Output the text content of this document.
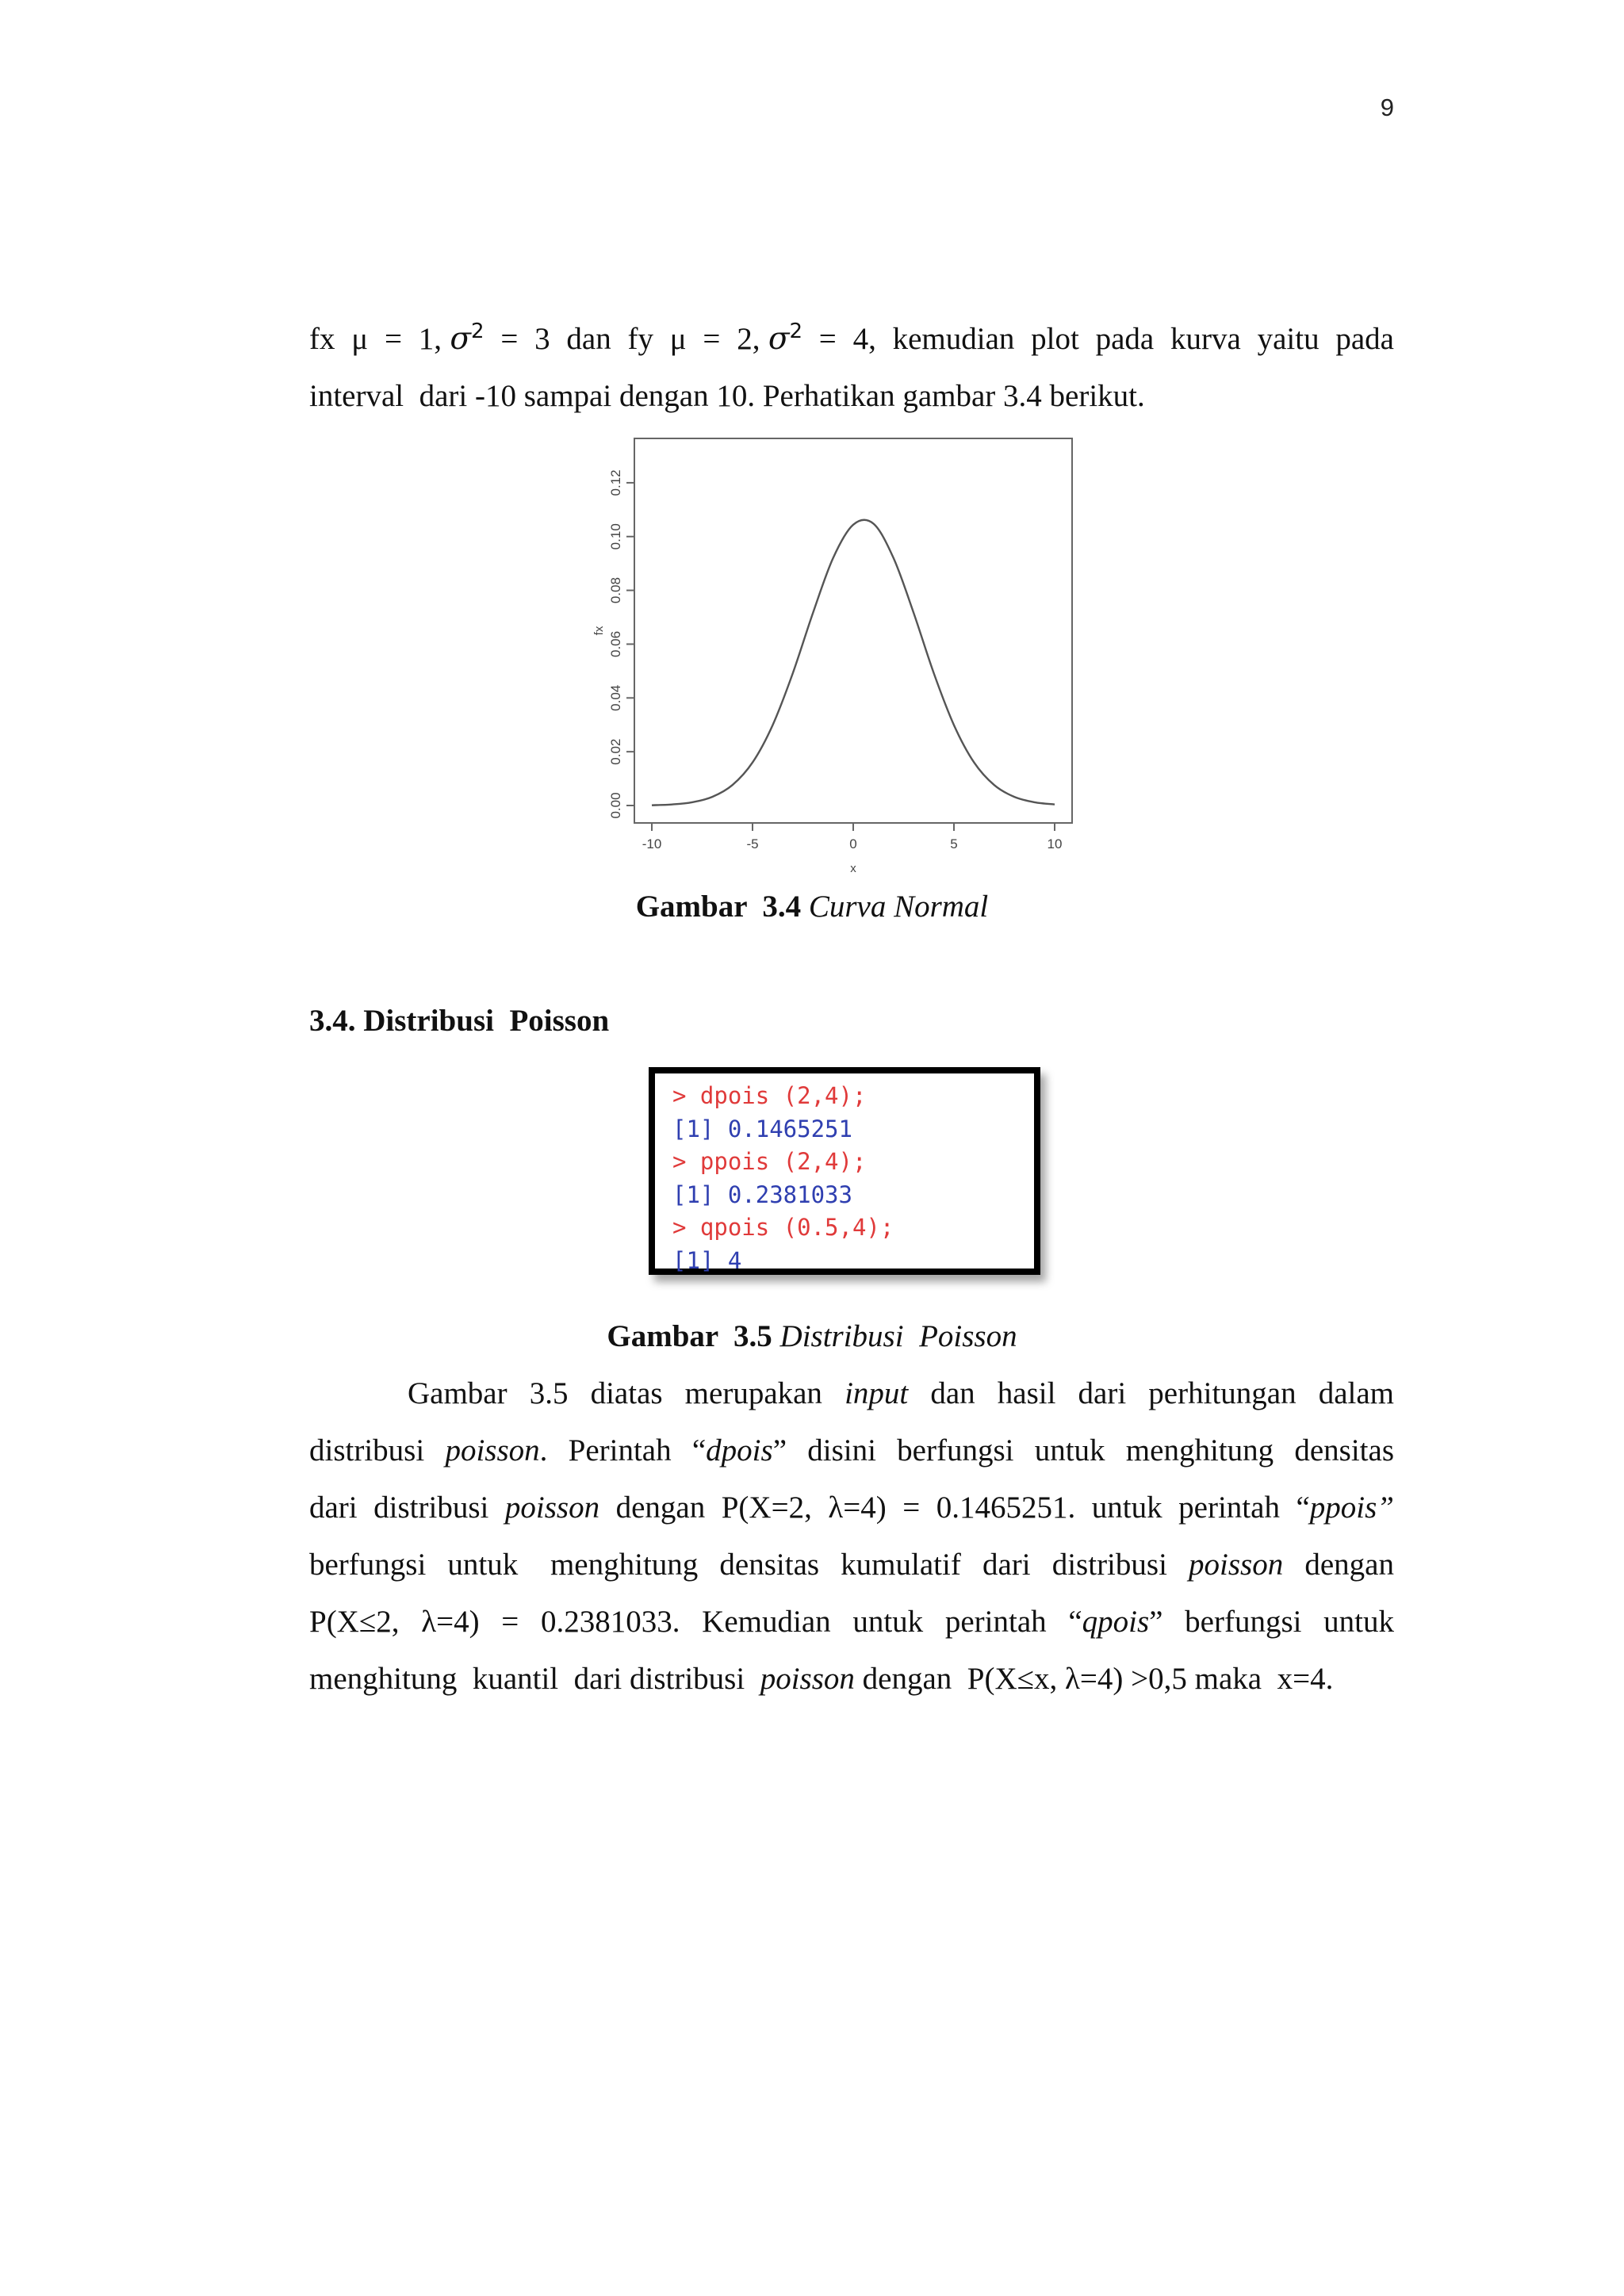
9
fx  μ  =  1, $\sigma^2 = 3$  dan  fy  μ  =  2, $\sigma^2 = 4$,  kemudian  plot  pada  kurva  yaitu  pada
interval  dari -10 sampai dengan 10. Perhatikan gambar 3.4 berikut.
-10	-5	0	5	10
0.00
0.02
0.04
0.06
0.08
0.10
0.12
x
fx
Gambar  3.4 Curva Normal
3.4. Distribusi  Poisson
> dpois (2,4);
[1] 0.1465251
> ppois (2,4);
[1] 0.2381033
> qpois (0.5,4);
[1] 4
Gambar  3.5 Distribusi  Poisson
Gambar  3.5  diatas  merupakan  input  dan  hasil  dari  perhitungan  dalam
distribusi  poisson.  Perintah  “dpois”  disini  berfungsi  untuk  menghitung  densitas
dari  distribusi  poisson  dengan  P(X=2,  λ=4)  =  0.1465251.  untuk  perintah  “ppois”
berfungsi  untuk   menghitung  densitas  kumulatif  dari  distribusi  poisson  dengan
P(X≤2,  λ=4)  =  0.2381033.  Kemudian  untuk  perintah  “qpois”  berfungsi  untuk
menghitung  kuantil  dari distribusi  poisson dengan  P(X≤x, λ=4) >0,5 maka  x=4.
